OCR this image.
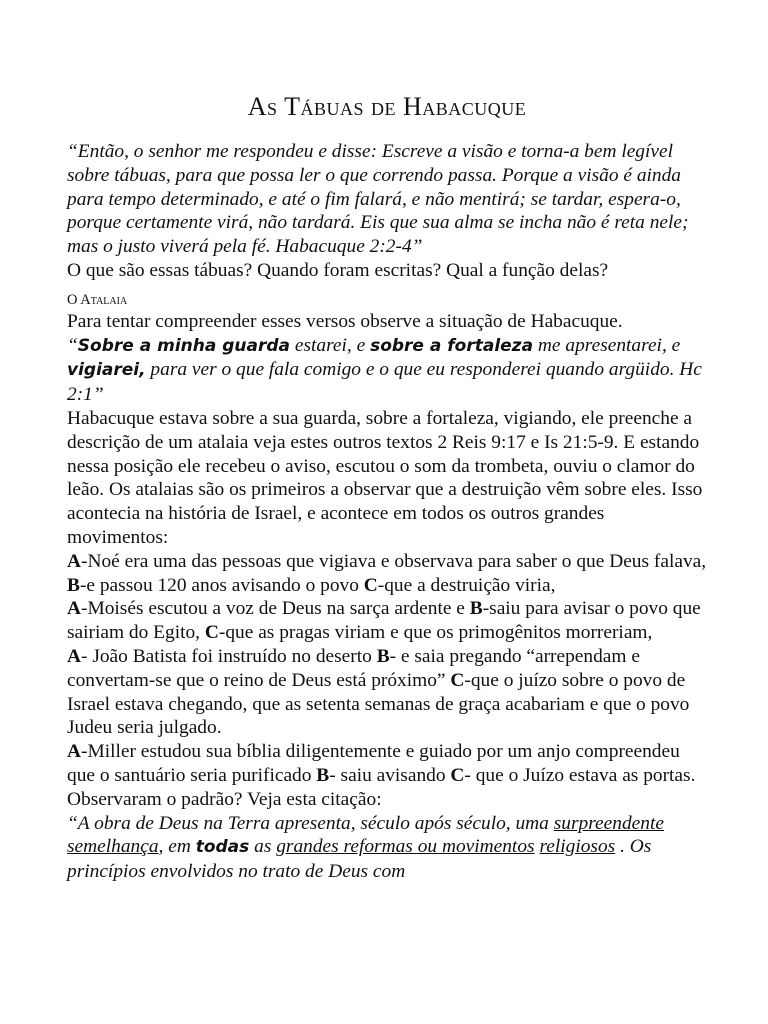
As Tábuas de Habacuque

“Então, o senhor me respondeu e disse: Escreve a visão e torna-a bem legível sobre tábuas, para que possa ler o que correndo passa. Porque a visão é ainda para tempo determinado, e até o fim falará, e não mentirá; se tardar, espera-o, porque certamente virá, não tardará. Eis que sua alma se incha não é reta nele; mas o justo viverá pela fé. Habacuque 2:2-4”

O que são essas tábuas? Quando foram escritas? Qual a função delas?

O Atalaia

Para tentar compreender esses versos observe a situação de Habacuque.

“Sobre a minha guarda estarei, e sobre a fortaleza me apresentarei, e vigiarei, para ver o que fala comigo e o que eu responderei quando argüido. Hc 2:1”

Habacuque estava sobre a sua guarda, sobre a fortaleza, vigiando, ele preenche a descrição de um atalaia veja estes outros textos 2 Reis 9:17 e Is 21:5-9. E estando nessa posição ele recebeu o aviso, escutou o som da trombeta, ouviu o clamor do leão. Os atalaias são os primeiros a observar que a destruição vêm sobre eles. Isso acontecia na história de Israel, e acontece em todos os outros grandes movimentos:

A-Noé era uma das pessoas que vigiava e observava para saber o que Deus falava, B-e passou 120 anos avisando o povo C-que a destruição viria,

A-Moisés escutou a voz de Deus na sarça ardente e B-saiu para avisar o povo que sairiam do Egito, C-que as pragas viriam e que os primogênitos morreriam,

A- João Batista foi instruído no deserto B- e saia pregando “arrependam e convertam-se que o reino de Deus está próximo” C-que o juízo sobre o povo de Israel estava chegando, que as setenta semanas de graça acabariam e que o povo Judeu seria julgado.

A-Miller estudou sua bíblia diligentemente e guiado por um anjo compreendeu que o santuário seria purificado B- saiu avisando C- que o Juízo estava as portas.

Observaram o padrão? Veja esta citação:

“A obra de Deus na Terra apresenta, século após século, uma surpreendente semelhança, em todas as grandes reformas ou movimentos religiosos . Os princípios envolvidos no trato de Deus com
